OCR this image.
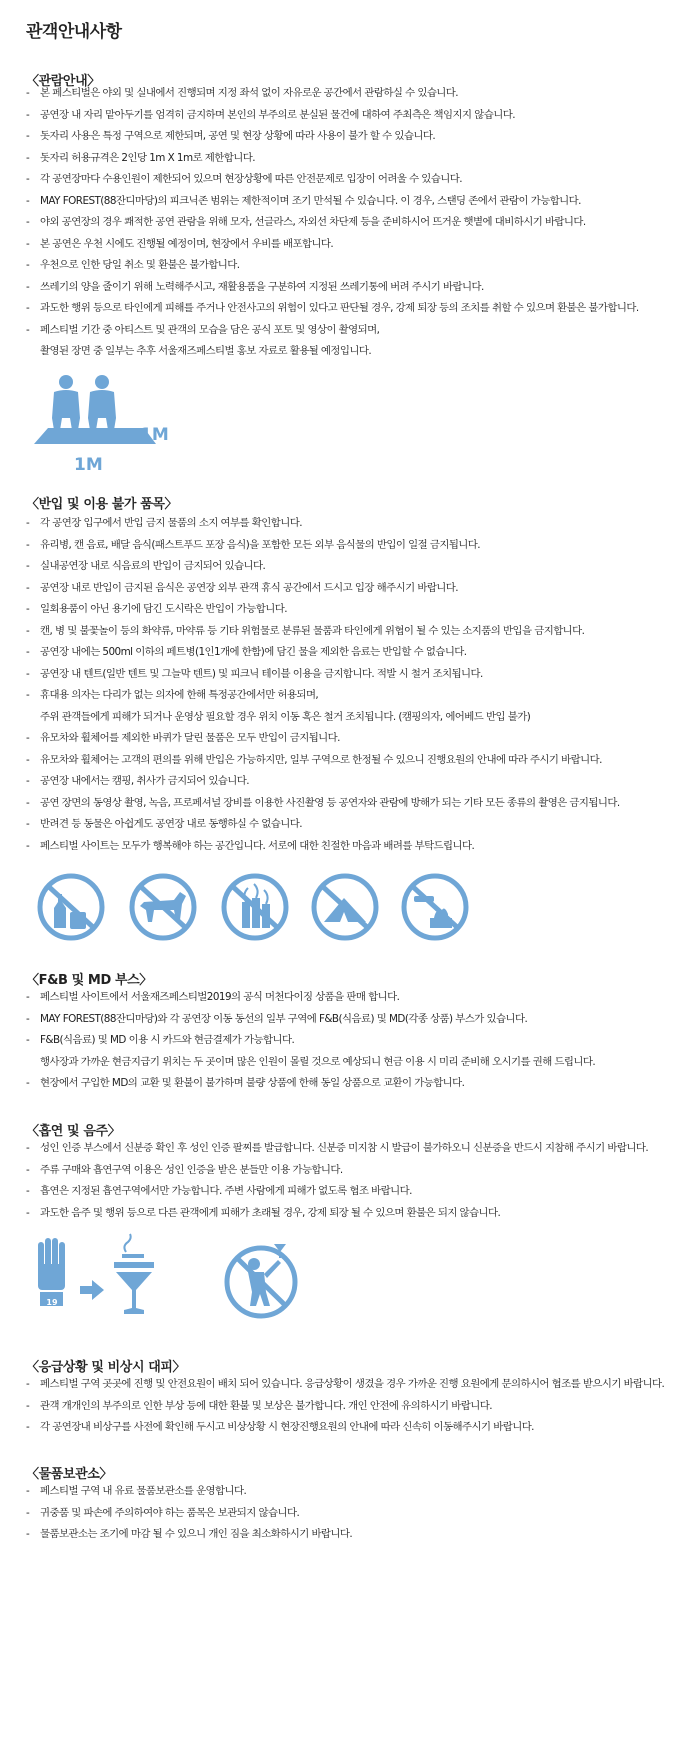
관객안내사항
〈관람안내〉
- 본 페스티벌은 야외 및 실내에서 진행되며 지정 좌석 없이 자유로운 공간에서 관람하실 수 있습니다.
- 공연장 내 자리 맡아두기를 엄격히 금지하며 본인의 부주의로 분실된 물건에 대하여 주최측은 책임지지 않습니다.
- 돗자리 사용은 특정 구역으로 제한되며, 공연 및 현장 상황에 따라 사용이 불가 할 수 있습니다.
- 돗자리 허용규격은 2인당 1m X 1m로 제한합니다.
- 각 공연장마다 수용인원이 제한되어 있으며 현장상황에 따른 안전문제로 입장이 어려울 수 있습니다.
- MAY FOREST(88잔디마당)의 피크닉존 범위는 제한적이며 조기 만석될 수 있습니다. 이 경우, 스탠딩 존에서 관람이 가능합니다.
- 야외 공연장의 경우 쾌적한 공연 관람을 위해 모자, 선글라스, 자외선 차단제 등을 준비하시어 뜨거운 햇볕에 대비하시기 바랍니다.
- 본 공연은 우천 시에도 진행될 예정이며, 현장에서 우비를 배포합니다.
- 우천으로 인한 당일 취소 및 환불은 불가합니다.
- 쓰레기의 양을 줄이기 위해 노력해주시고, 재활용품을 구분하여 지정된 쓰레기통에 버려 주시기 바랍니다.
- 과도한 행위 등으로 타인에게 피해를 주거나 안전사고의 위험이 있다고 판단될 경우, 강제 퇴장 등의 조치를 취할 수 있으며 환불은 불가합니다.
- 페스티벌 기간 중 아티스트 및 관객의 모습을 담은 공식 포토 및 영상이 촬영되며,
촬영된 장면 중 일부는 추후 서울재즈페스티벌 홍보 자료로 활용될 예정입니다.
1M
1M
〈반입 및 이용 불가 품목〉
- 각 공연장 입구에서 반입 금지 물품의 소지 여부를 확인합니다.
- 유리병, 캔 음료, 배달 음식(패스트푸드 포장 음식)을 포함한 모든 외부 음식물의 반입이 일절 금지됩니다.
- 실내공연장 내로 식음료의 반입이 금지되어 있습니다.
- 공연장 내로 반입이 금지된 음식은 공연장 외부 관객 휴식 공간에서 드시고 입장 해주시기 바랍니다.
- 일회용품이 아닌 용기에 담긴 도시락은 반입이 가능합니다.
- 캔, 병 및 불꽃놀이 등의 화약류, 마약류 등 기타 위험물로 분류된 물품과 타인에게 위협이 될 수 있는 소지품의 반입을 금지합니다.
- 공연장 내에는 500ml 이하의 페트병(1인1개에 한함)에 담긴 물을 제외한 음료는 반입할 수 없습니다.
- 공연장 내 텐트(일반 텐트 및 그늘막 텐트) 및 피크닉 테이블 이용을 금지합니다. 적발 시 철거 조치됩니다.
- 휴대용 의자는 다리가 없는 의자에 한해 특정공간에서만 허용되며,
주위 관객들에게 피해가 되거나 운영상 필요할 경우 위치 이동 혹은 철거 조치됩니다. (캠핑의자, 에어베드 반입 불가)
- 유모차와 휠체어를 제외한 바퀴가 달린 물품은 모두 반입이 금지됩니다.
- 유모차와 휠체어는 고객의 편의를 위해 반입은 가능하지만, 일부 구역으로 한정될 수 있으니 진행요원의 안내에 따라 주시기 바랍니다.
- 공연장 내에서는 캠핑, 취사가 금지되어 있습니다.
- 공연 장면의 동영상 촬영, 녹음, 프로페셔널 장비를 이용한 사진촬영 등 공연자와 관람에 방해가 되는 기타 모든 종류의 촬영은 금지됩니다.
- 반려견 등 동물은 아쉽게도 공연장 내로 동행하실 수 없습니다.
- 페스티벌 사이트는 모두가 행복해야 하는 공간입니다. 서로에 대한 친절한 마음과 배려를 부탁드립니다.
〈F&B 및 MD 부스〉
- 페스티벌 사이트에서 서울재즈페스티벌2019의 공식 머천다이징 상품을 판매 합니다.
- MAY FOREST(88잔디마당)와 각 공연장 이동 동선의 일부 구역에 F&B(식음료) 및 MD(각종 상품) 부스가 있습니다.
- F&B(식음료) 및 MD 이용 시 카드와 현금결제가 가능합니다.
행사장과 가까운 현금지급기 위치는 두 곳이며 많은 인원이 몰릴 것으로 예상되니 현금 이용 시 미리 준비해 오시기를 권해 드립니다.
- 현장에서 구입한 MD의 교환 및 환불이 불가하며 불량 상품에 한해 동일 상품으로 교환이 가능합니다.
〈흡연 및 음주〉
- 성인 인증 부스에서 신분증 확인 후 성인 인증 팔찌를 발급합니다. 신분증 미지참 시 발급이 불가하오니 신분증을 반드시 지참해 주시기 바랍니다.
- 주류 구매와 흡연구역 이용은 성인 인증을 받은 분들만 이용 가능합니다.
- 흡연은 지정된 흡연구역에서만 가능합니다. 주변 사람에게 피해가 없도록 협조 바랍니다.
- 과도한 음주 및 행위 등으로 다른 관객에게 피해가 초래될 경우, 강제 퇴장 될 수 있으며 환불은 되지 않습니다.
19
〈응급상황 및 비상시 대피〉
- 페스티벌 구역 곳곳에 진행 및 안전요원이 배치 되어 있습니다. 응급상황이 생겼을 경우 가까운 진행 요원에게 문의하시어 협조를 받으시기 바랍니다.
- 관객 개개인의 부주의로 인한 부상 등에 대한 환불 및 보상은 불가합니다. 개인 안전에 유의하시기 바랍니다.
- 각 공연장내 비상구를 사전에 확인해 두시고 비상상황 시 현장진행요원의 안내에 따라 신속히 이동해주시기 바랍니다.
〈물품보관소〉
- 페스티벌 구역 내 유료 물품보관소를 운영합니다.
- 귀중품 및 파손에 주의하여야 하는 품목은 보관되지 않습니다.
- 물품보관소는 조기에 마감 될 수 있으니 개인 짐을 최소화하시기 바랍니다.
